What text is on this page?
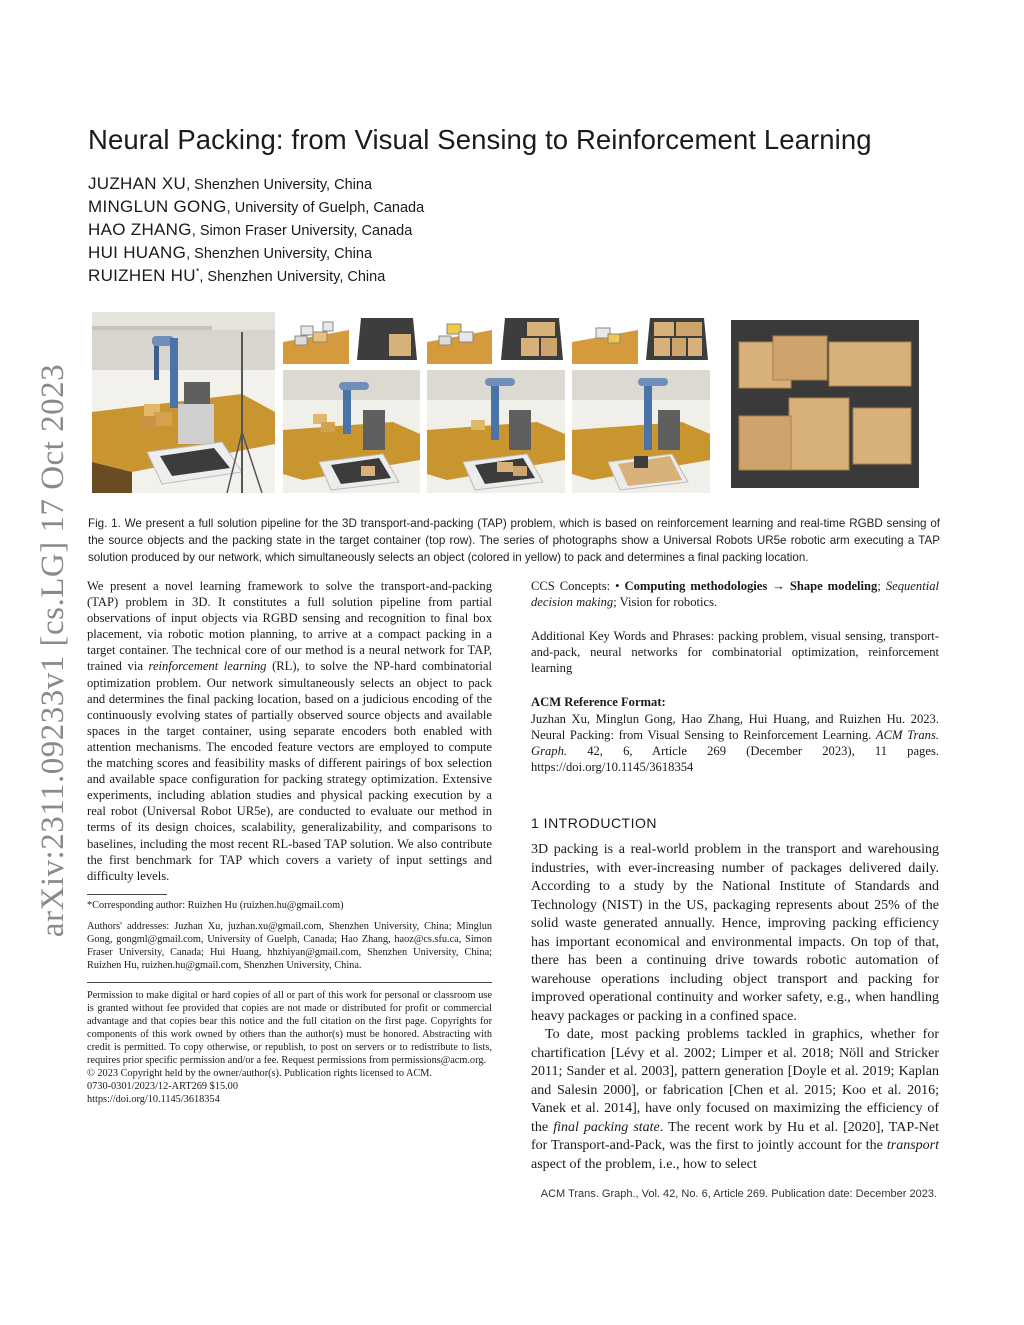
arXiv:2311.09233v1 [cs.LG] 17 Oct 2023
Neural Packing: from Visual Sensing to Reinforcement Learning
JUZHAN XU, Shenzhen University, China
MINGLUN GONG, University of Guelph, Canada
HAO ZHANG, Simon Fraser University, Canada
HUI HUANG, Shenzhen University, China
RUIZHEN HU*, Shenzhen University, China
Fig. 1. We present a full solution pipeline for the 3D transport-and-packing (TAP) problem, which is based on reinforcement learning and real-time RGBD sensing of the source objects and the packing state in the target container (top row). The series of photographs show a Universal Robots UR5e robotic arm executing a TAP solution produced by our network, which simultaneously selects an object (colored in yellow) to pack and determines a final packing location.

We present a novel learning framework to solve the transport-and-packing (TAP) problem in 3D. It constitutes a full solution pipeline from partial observations of input objects via RGBD sensing and recognition to final box placement, via robotic motion planning, to arrive at a compact packing in a target container. The technical core of our method is a neural network for TAP, trained via reinforcement learning (RL), to solve the NP-hard combinatorial optimization problem. Our network simultaneously selects an object to pack and determines the final packing location, based on a judicious encoding of the continuously evolving states of partially observed source objects and available spaces in the target container, using separate encoders both enabled with attention mechanisms. The encoded feature vectors are employed to compute the matching scores and feasibility masks of different pairings of box selection and available space configuration for packing strategy optimization. Extensive experiments, including ablation studies and physical packing execution by a real robot (Universal Robot UR5e), are conducted to evaluate our method in terms of its design choices, scalability, generalizability, and comparisons to baselines, including the most recent RL-based TAP solution. We also contribute the first benchmark for TAP which covers a variety of input settings and difficulty levels.

*Corresponding author: Ruizhen Hu (ruizhen.hu@gmail.com)

Authors' addresses: Juzhan Xu, juzhan.xu@gmail.com, Shenzhen University, China; Minglun Gong, gongml@gmail.com, University of Guelph, Canada; Hao Zhang, haoz@cs.sfu.ca, Simon Fraser University, Canada; Hui Huang, hhzhiyan@gmail.com, Shenzhen University, China; Ruizhen Hu, ruizhen.hu@gmail.com, Shenzhen University, China.

Permission to make digital or hard copies of all or part of this work for personal or classroom use is granted without fee provided that copies are not made or distributed for profit or commercial advantage and that copies bear this notice and the full citation on the first page. Copyrights for components of this work owned by others than the author(s) must be honored. Abstracting with credit is permitted. To copy otherwise, or republish, to post on servers or to redistribute to lists, requires prior specific permission and/or a fee. Request permissions from permissions@acm.org.

© 2023 Copyright held by the owner/author(s). Publication rights licensed to ACM.

0730-0301/2023/12-ART269 $15.00

https://doi.org/10.1145/3618354

CCS Concepts: • Computing methodologies → Shape modeling; Sequential decision making; Vision for robotics.

Additional Key Words and Phrases: packing problem, visual sensing, transport-and-pack, neural networks for combinatorial optimization, reinforcement learning

ACM Reference Format:

Juzhan Xu, Minglun Gong, Hao Zhang, Hui Huang, and Ruizhen Hu. 2023. Neural Packing: from Visual Sensing to Reinforcement Learning. ACM Trans. Graph. 42, 6, Article 269 (December 2023), 11 pages. https://doi.org/10.1145/3618354

1 INTRODUCTION

3D packing is a real-world problem in the transport and warehousing industries, with ever-increasing number of packages delivered daily. According to a study by the National Institute of Standards and Technology (NIST) in the US, packaging represents about 25% of the solid waste generated annually. Hence, improving packing efficiency has important economical and environmental impacts. On top of that, there has been a continuing drive towards robotic automation of warehouse operations including object transport and packing for improved operational continuity and worker safety, e.g., when handling heavy packages or packing in a confined space.

To date, most packing problems tackled in graphics, whether for chartification [Lévy et al. 2002; Limper et al. 2018; Nöll and Stricker 2011; Sander et al. 2003], pattern generation [Doyle et al. 2019; Kaplan and Salesin 2000], or fabrication [Chen et al. 2015; Koo et al. 2016; Vanek et al. 2014], have only focused on maximizing the efficiency of the final packing state. The recent work by Hu et al. [2020], TAP-Net for Transport-and-Pack, was the first to jointly account for the transport aspect of the problem, i.e., how to select

ACM Trans. Graph., Vol. 42, No. 6, Article 269. Publication date: December 2023.
